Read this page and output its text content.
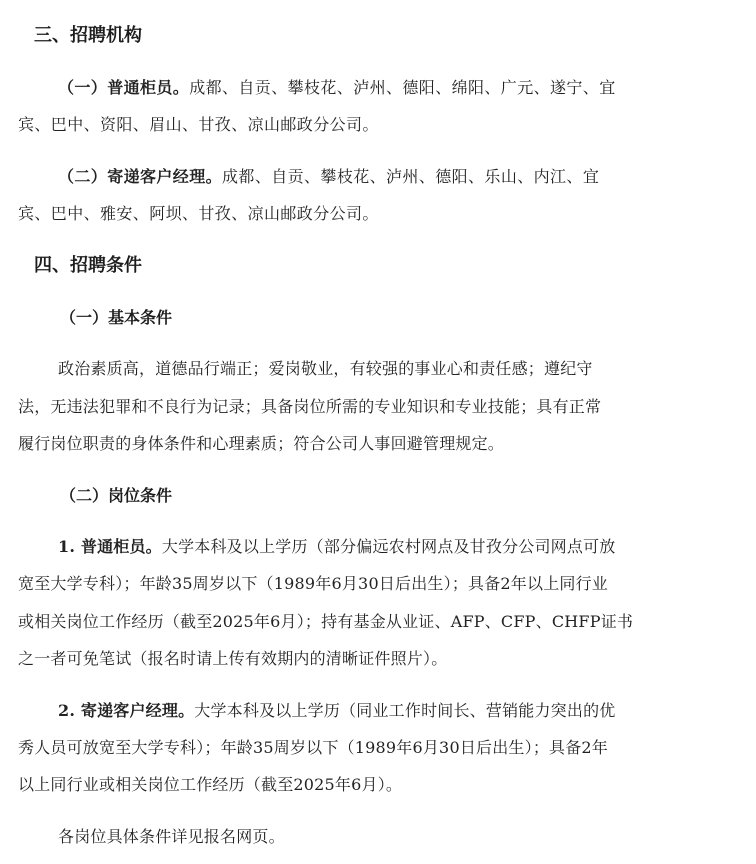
三、招聘机构
（一）普通柜员。成都、自贡、攀枝花、泸州、德阳、绵阳、广元、遂宁、宜
宾、巴中、资阳、眉山、甘孜、凉山邮政分公司。
（二）寄递客户经理。成都、自贡、攀枝花、泸州、德阳、乐山、内江、宜
宾、巴中、雅安、阿坝、甘孜、凉山邮政分公司。
四、招聘条件
（一）基本条件
政治素质高，道德品行端正；爱岗敬业，有较强的事业心和责任感；遵纪守
法，无违法犯罪和不良行为记录；具备岗位所需的专业知识和专业技能；具有正常
履行岗位职责的身体条件和心理素质；符合公司人事回避管理规定。
（二）岗位条件
1. 普通柜员。大学本科及以上学历（部分偏远农村网点及甘孜分公司网点可放
宽至大学专科）；年龄35周岁以下（1989年6月30日后出生）；具备2年以上同行业
或相关岗位工作经历（截至2025年6月）；持有基金从业证、AFP、CFP、CHFP证书
之一者可免笔试（报名时请上传有效期内的清晰证件照片）。
2. 寄递客户经理。大学本科及以上学历（同业工作时间长、营销能力突出的优
秀人员可放宽至大学专科）；年龄35周岁以下（1989年6月30日后出生）；具备2年
以上同行业或相关岗位工作经历（截至2025年6月）。
各岗位具体条件详见报名网页。
